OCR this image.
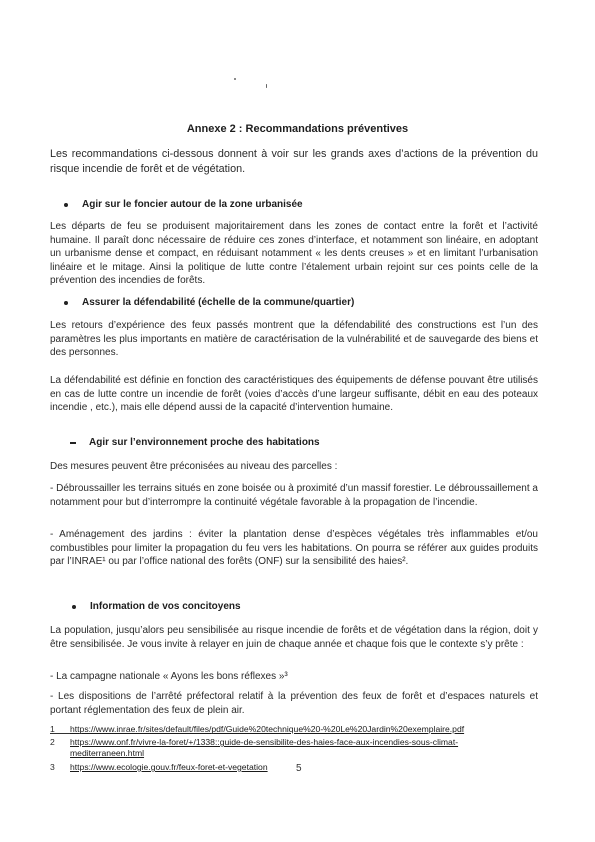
Annexe 2 : Recommandations préventives

Les recommandations ci-dessous donnent à voir sur les grands axes d’actions de la prévention du risque incendie de forêt et de végétation.

Agir sur le foncier autour de la zone urbanisée

Les départs de feu se produisent majoritairement dans les zones de contact entre la forêt et l’activité humaine. Il paraît donc nécessaire de réduire ces zones d’interface, et notamment son linéaire, en adoptant un urbanisme dense et compact, en réduisant notamment « les dents creuses » et en limitant l’urbanisation linéaire et le mitage. Ainsi la politique de lutte contre l’étalement urbain rejoint sur ces points celle de la prévention des incendies de forêts.

Assurer la défendabilité (échelle de la commune/quartier)

Les retours d’expérience des feux passés montrent que la défendabilité des constructions est l’un des paramètres les plus importants en matière de caractérisation de la vulnérabilité et de sauvegarde des biens et des personnes.

La défendabilité est définie en fonction des caractéristiques des équipements de défense pouvant être utilisés en cas de lutte contre un incendie de forêt (voies d’accès d’une largeur suffisante, débit en eau des poteaux incendie , etc.), mais elle dépend aussi de la capacité d’intervention humaine.

Agir sur l’environnement proche des habitations

Des mesures peuvent être préconisées au niveau des parcelles :

- Débroussailler les terrains situés en zone boisée ou à proximité d’un massif forestier. Le débroussaillement a notamment pour but d’interrompre la continuité végétale favorable à la propagation de l’incendie.

- Aménagement des jardins : éviter la plantation dense d’espèces végétales très inflammables et/ou combustibles pour limiter la propagation du feu vers les habitations. On pourra se référer aux guides produits par l’INRAE¹ ou par l’office national des forêts (ONF) sur la sensibilité des haies².

Information de vos concitoyens

La population, jusqu’alors peu sensibilisée au risque incendie de forêts et de végétation dans la région, doit y être sensibilisée. Je vous invite à relayer en juin de chaque année et chaque fois que le contexte s’y prête :

- La campagne nationale « Ayons les bons réflexes »³

- Les dispositions de l’arrêté préfectoral relatif à la prévention des feux de forêt et d’espaces naturels et portant réglementation des feux de plein air.

1	https://www.inrae.fr/sites/default/files/pdf/Guide%20technique%20-%20Le%20Jardin%20exemplaire.pdf
2	https://www.onf.fr/vivre-la-foret/+/1338::guide-de-sensibilite-des-haies-face-aux-incendies-sous-climat-mediterraneen.html
3	https://www.ecologie.gouv.fr/feux-foret-et-vegetation	5
